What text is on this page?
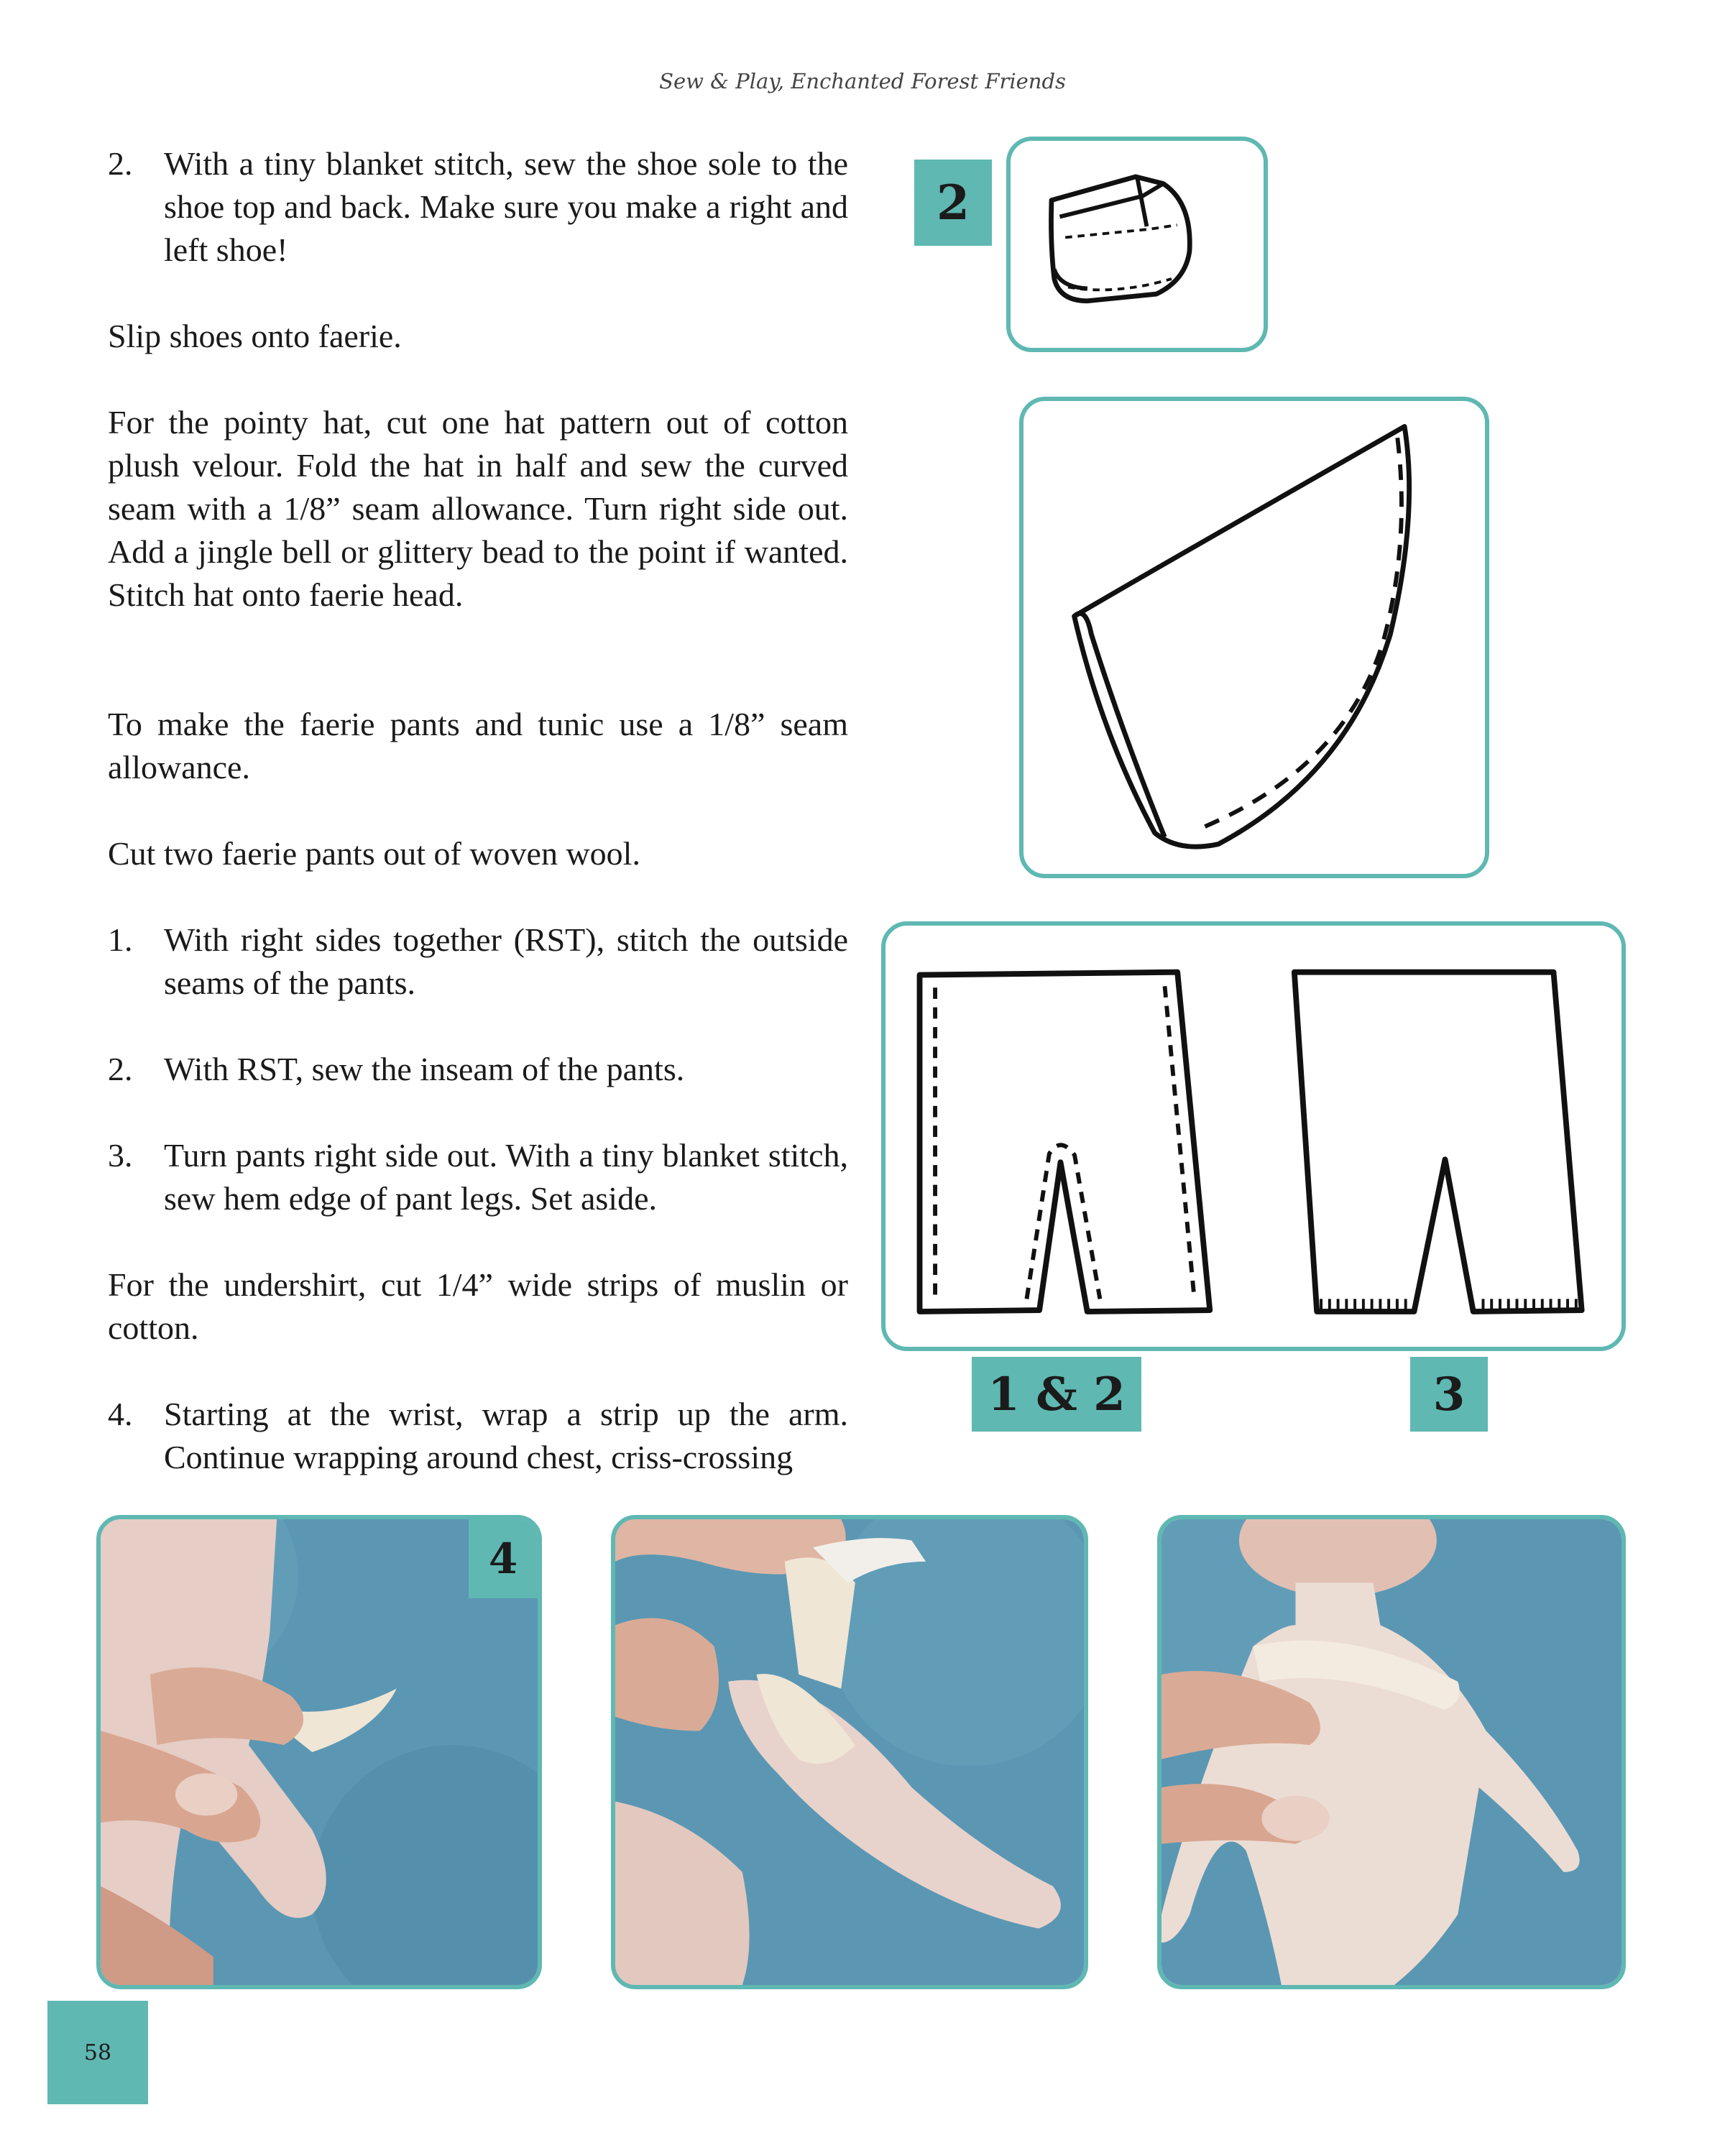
Sew & Play, Enchanted Forest Friends
2. With a tiny blanket stitch, sew the shoe sole to the shoe top and back. Make sure you make a right and left shoe!

Slip shoes onto faerie.

For the pointy hat, cut one hat pattern out of cotton plush velour. Fold the hat in half and sew the curved seam with a 1/8” seam allowance. Turn right side out. Add a jingle bell or glittery bead to the point if wanted. Stitch hat onto faerie head.

To make the faerie pants and tunic use a 1/8” seam allowance.

Cut two faerie pants out of woven wool.

1. With right sides together (RST), stitch the outside seams of the pants.
2. With RST, sew the inseam of the pants.
3. Turn pants right side out. With a tiny blanket stitch, sew hem edge of pant legs. Set aside.

For the undershirt, cut 1/4” wide strips of muslin or cotton.

4. Starting at the wrist, wrap a strip up the arm. Continue wrapping around chest, criss-crossing
2
1 & 2	3
4
58
